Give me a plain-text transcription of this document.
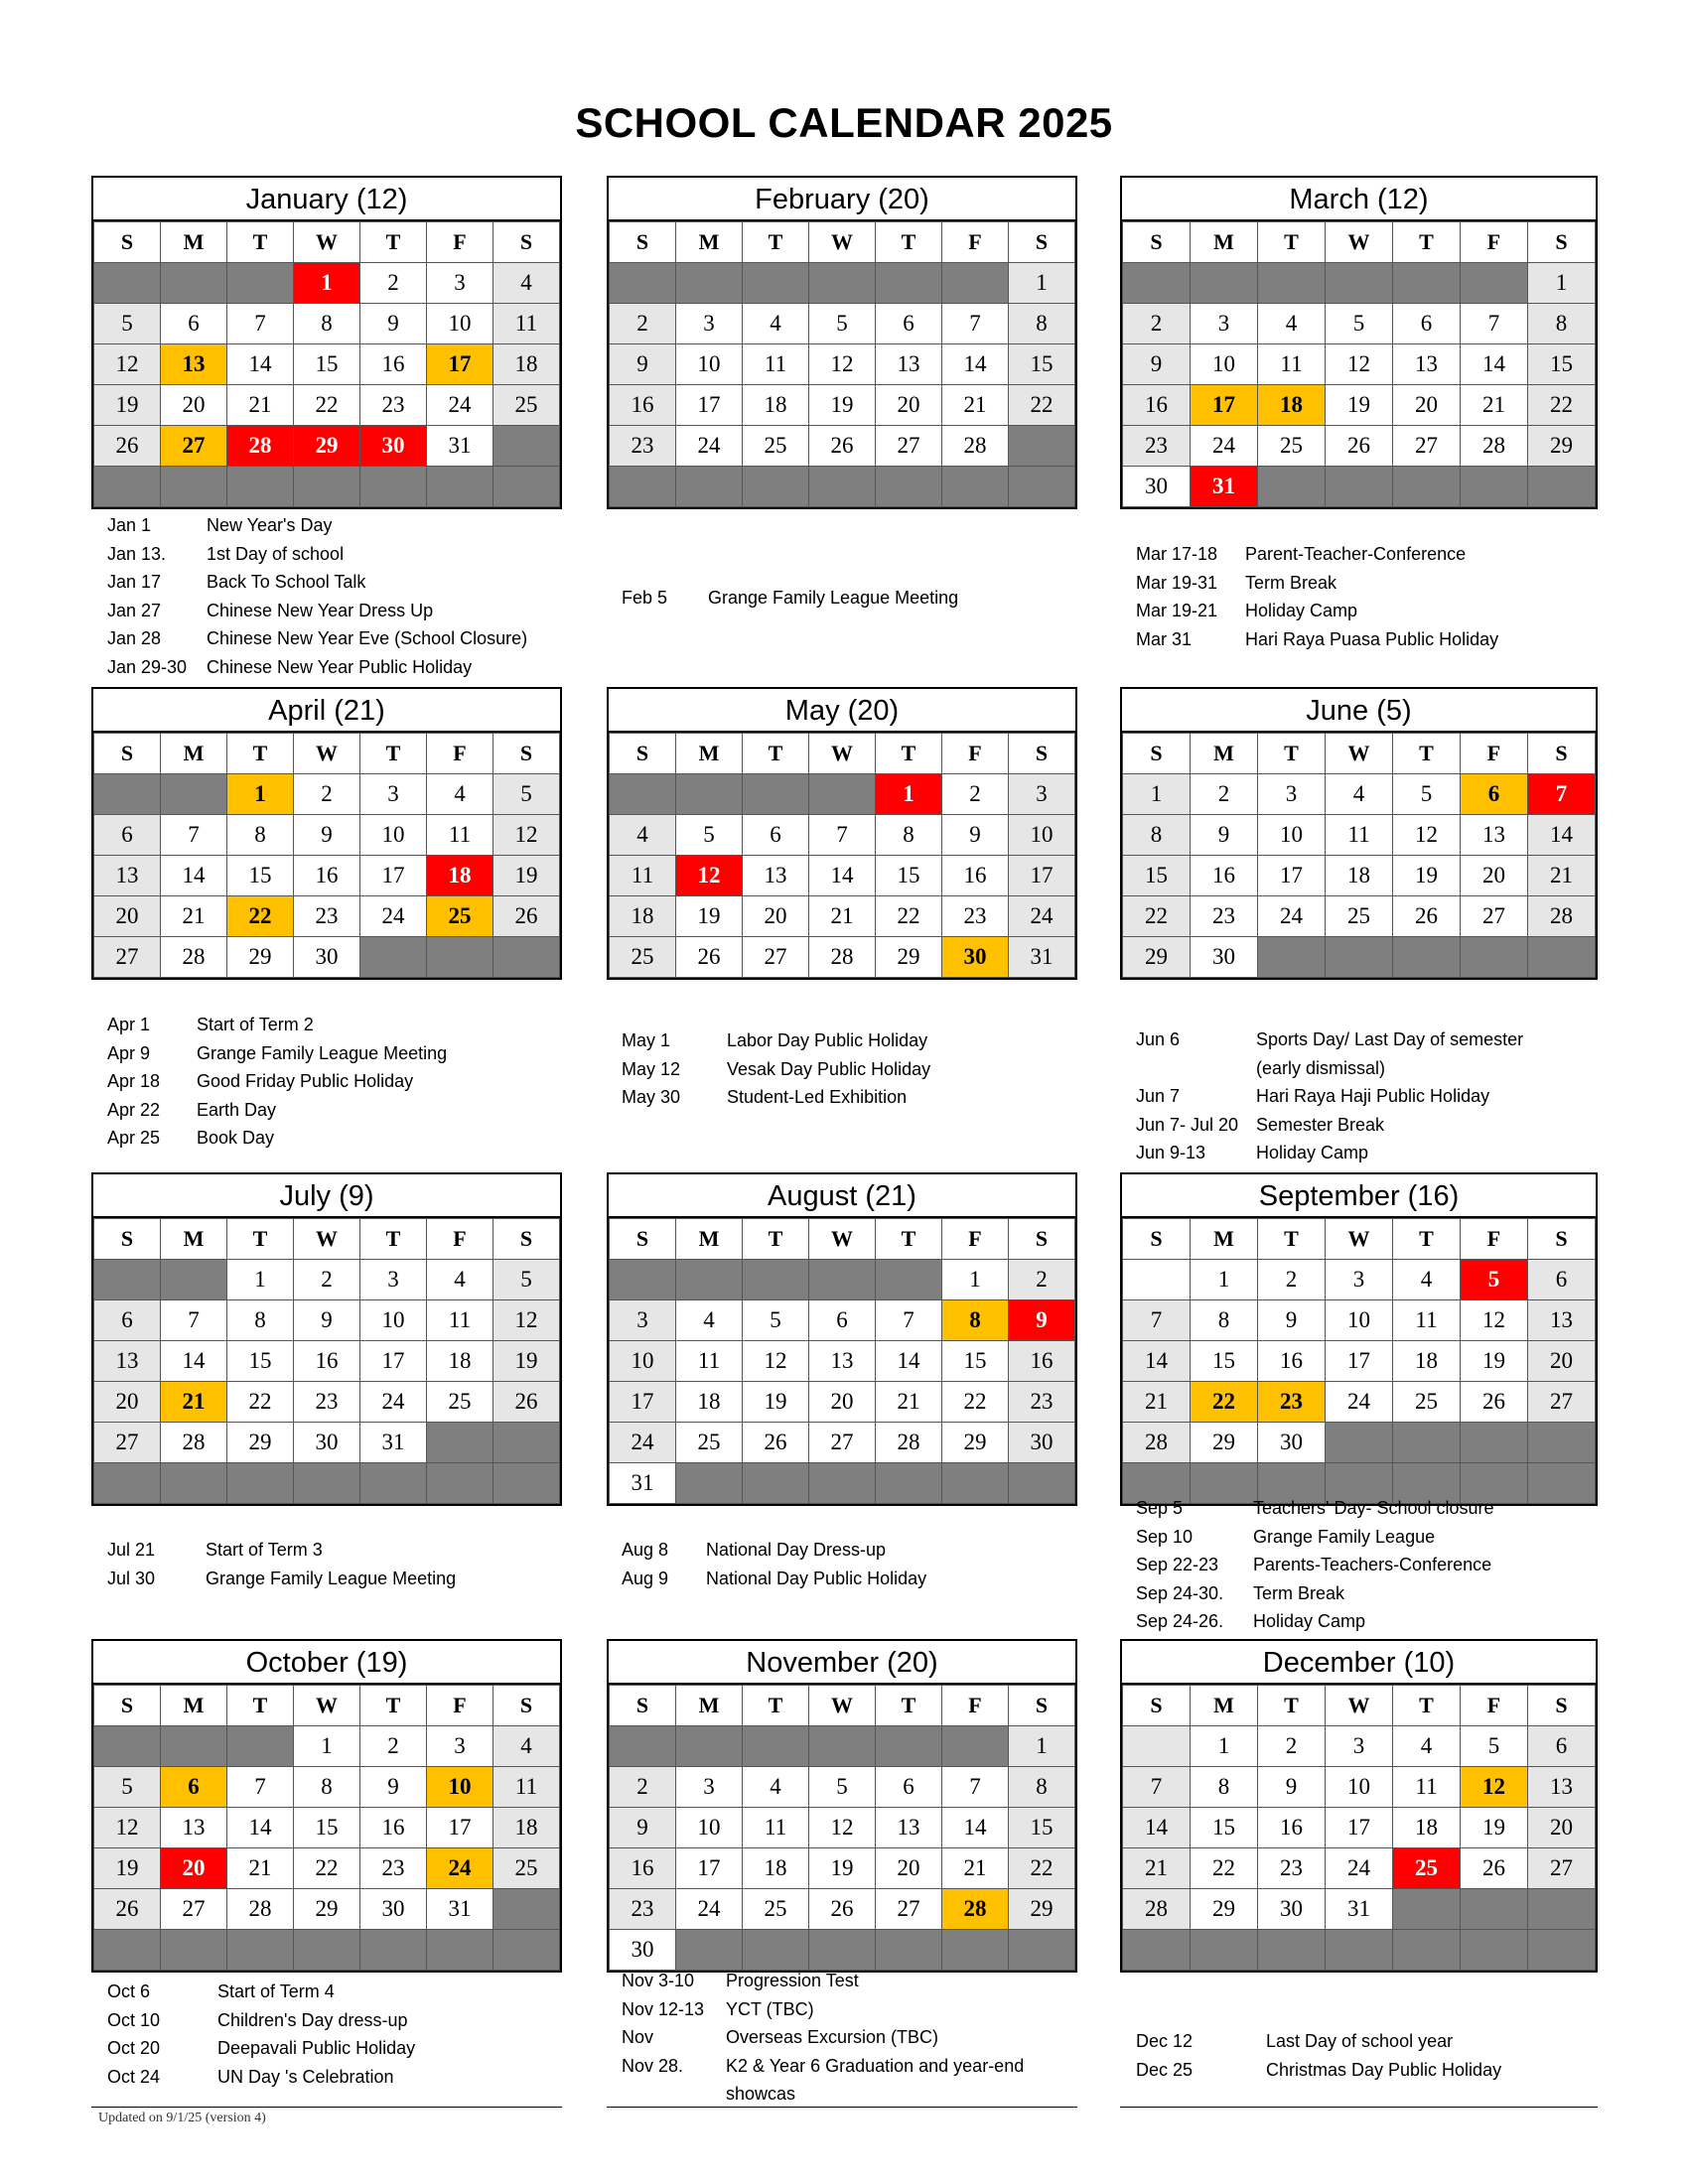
SCHOOL CALENDAR 2025
January (12)
S	M	T	W	T	F	S
			1	2	3	4
5	6	7	8	9	10	11
12	13	14	15	16	17	18
19	20	21	22	23	24	25
26	27	28	29	30	31	

February (20)
S	M	T	W	T	F	S
						1
2	3	4	5	6	7	8
9	10	11	12	13	14	15
16	17	18	19	20	21	22
23	24	25	26	27	28	

March (12)
S	M	T	W	T	F	S
						1
2	3	4	5	6	7	8
9	10	11	12	13	14	15
16	17	18	19	20	21	22
23	24	25	26	27	28	29
30	31					
April (21)
S	M	T	W	T	F	S
		1	2	3	4	5
6	7	8	9	10	11	12
13	14	15	16	17	18	19
20	21	22	23	24	25	26
27	28	29	30			
May (20)
S	M	T	W	T	F	S
				1	2	3
4	5	6	7	8	9	10
11	12	13	14	15	16	17
18	19	20	21	22	23	24
25	26	27	28	29	30	31
June (5)
S	M	T	W	T	F	S
1	2	3	4	5	6	7
8	9	10	11	12	13	14
15	16	17	18	19	20	21
22	23	24	25	26	27	28
29	30					
July (9)
S	M	T	W	T	F	S
		1	2	3	4	5
6	7	8	9	10	11	12
13	14	15	16	17	18	19
20	21	22	23	24	25	26
27	28	29	30	31		

August (21)
S	M	T	W	T	F	S
					1	2
3	4	5	6	7	8	9
10	11	12	13	14	15	16
17	18	19	20	21	22	23
24	25	26	27	28	29	30
31						
September (16)
S	M	T	W	T	F	S
	1	2	3	4	5	6
7	8	9	10	11	12	13
14	15	16	17	18	19	20
21	22	23	24	25	26	27
28	29	30				

October (19)
S	M	T	W	T	F	S
			1	2	3	4
5	6	7	8	9	10	11
12	13	14	15	16	17	18
19	20	21	22	23	24	25
26	27	28	29	30	31	

November (20)
S	M	T	W	T	F	S
						1
2	3	4	5	6	7	8
9	10	11	12	13	14	15
16	17	18	19	20	21	22
23	24	25	26	27	28	29
30						
December (10)
S	M	T	W	T	F	S
	1	2	3	4	5	6
7	8	9	10	11	12	13
14	15	16	17	18	19	20
21	22	23	24	25	26	27
28	29	30	31			

Jan 1	New Year's Day
Jan 13.	1st Day of school
Jan 17	Back To School Talk
Jan 27	Chinese New Year Dress Up
Jan 28	Chinese New Year Eve (School Closure)
Jan 29-30	Chinese New Year Public Holiday
Feb 5	Grange Family League Meeting
Mar 17-18	Parent-Teacher-Conference
Mar 19-31	Term Break
Mar 19-21	Holiday Camp
Mar 31	Hari Raya Puasa Public Holiday
Apr 1	Start of Term 2
Apr 9	Grange Family League Meeting
Apr 18	Good Friday Public Holiday
Apr 22	Earth Day
Apr 25	Book Day
May 1	Labor Day Public Holiday
May 12	Vesak Day Public Holiday
May 30	Student-Led Exhibition
Jun 6	Sports Day/ Last Day of semester
(early dismissal)
Jun 7	Hari Raya Haji Public Holiday
Jun 7- Jul 20 Semester Break
Jun 9-13	Holiday Camp
Jul 21	Start of Term 3
Jul 30	Grange Family League Meeting
Aug 8	National Day Dress-up
Aug 9	National Day Public Holiday
Sep 5	Teachers' Day- School closure
Sep 10	Grange Family League
Sep 22-23	Parents-Teachers-Conference
Sep 24-30.	Term Break
Sep 24-26.	Holiday Camp
Oct 6	Start of Term 4
Oct 10	Children's Day dress-up
Oct 20	Deepavali Public Holiday
Oct 24	UN Day 's Celebration
Nov 3-10	Progression Test
Nov 12-13	YCT (TBC)
Nov	Overseas Excursion (TBC)
Nov 28.	K2 & Year 6 Graduation and year-end
showcas
Dec 12	Last Day of school year
Dec 25	Christmas Day Public Holiday
Updated on 9/1/25 (version 4)
